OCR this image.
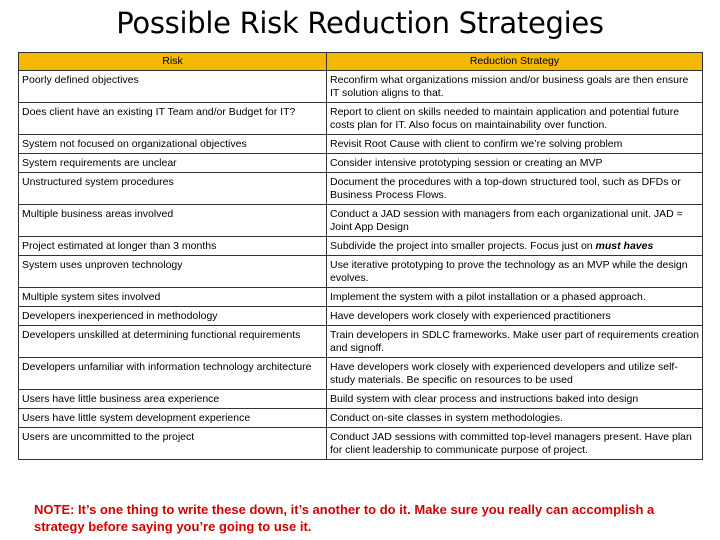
Possible Risk Reduction Strategies
Risk	Reduction Strategy
Poorly defined objectives	Reconfirm what organizations mission and/or business goals are then ensure IT solution aligns to that.
Does client have an existing IT Team and/or Budget for IT?	Report to client on skills needed to maintain application and potential future costs plan for IT. Also focus on maintainability over function.
System not focused on organizational objectives	Revisit Root Cause with client to confirm we’re solving problem
System requirements are unclear	Consider intensive prototyping session or creating an MVP
Unstructured system procedures	Document the procedures with a top-down structured tool, such as DFDs or Business Process Flows.
Multiple business areas involved	Conduct a JAD session with managers from each organizational unit. JAD = Joint App Design
Project estimated at longer than 3 months	Subdivide the project into smaller projects. Focus just on must haves
System uses unproven technology	Use iterative prototyping to prove the technology as an MVP while the design evolves.
Multiple system sites involved	Implement the system with a pilot installation or a phased approach.
Developers inexperienced in methodology	Have developers work closely with experienced practitioners
Developers unskilled at determining functional requirements	Train developers in SDLC frameworks. Make user part of requirements creation and signoff.
Developers unfamiliar with information technology architecture	Have developers work closely with experienced developers and utilize self-study materials. Be specific on resources to be used
Users have little business area experience	Build system with clear process and instructions baked into design
Users have little system development experience	Conduct on-site classes in system methodologies.
Users are uncommitted to the project	Conduct JAD sessions with committed top-level managers present. Have plan for client leadership to communicate purpose of project.
NOTE: It’s one thing to write these down, it’s another to do it. Make sure you really can accomplish a strategy before saying you’re going to use it.
